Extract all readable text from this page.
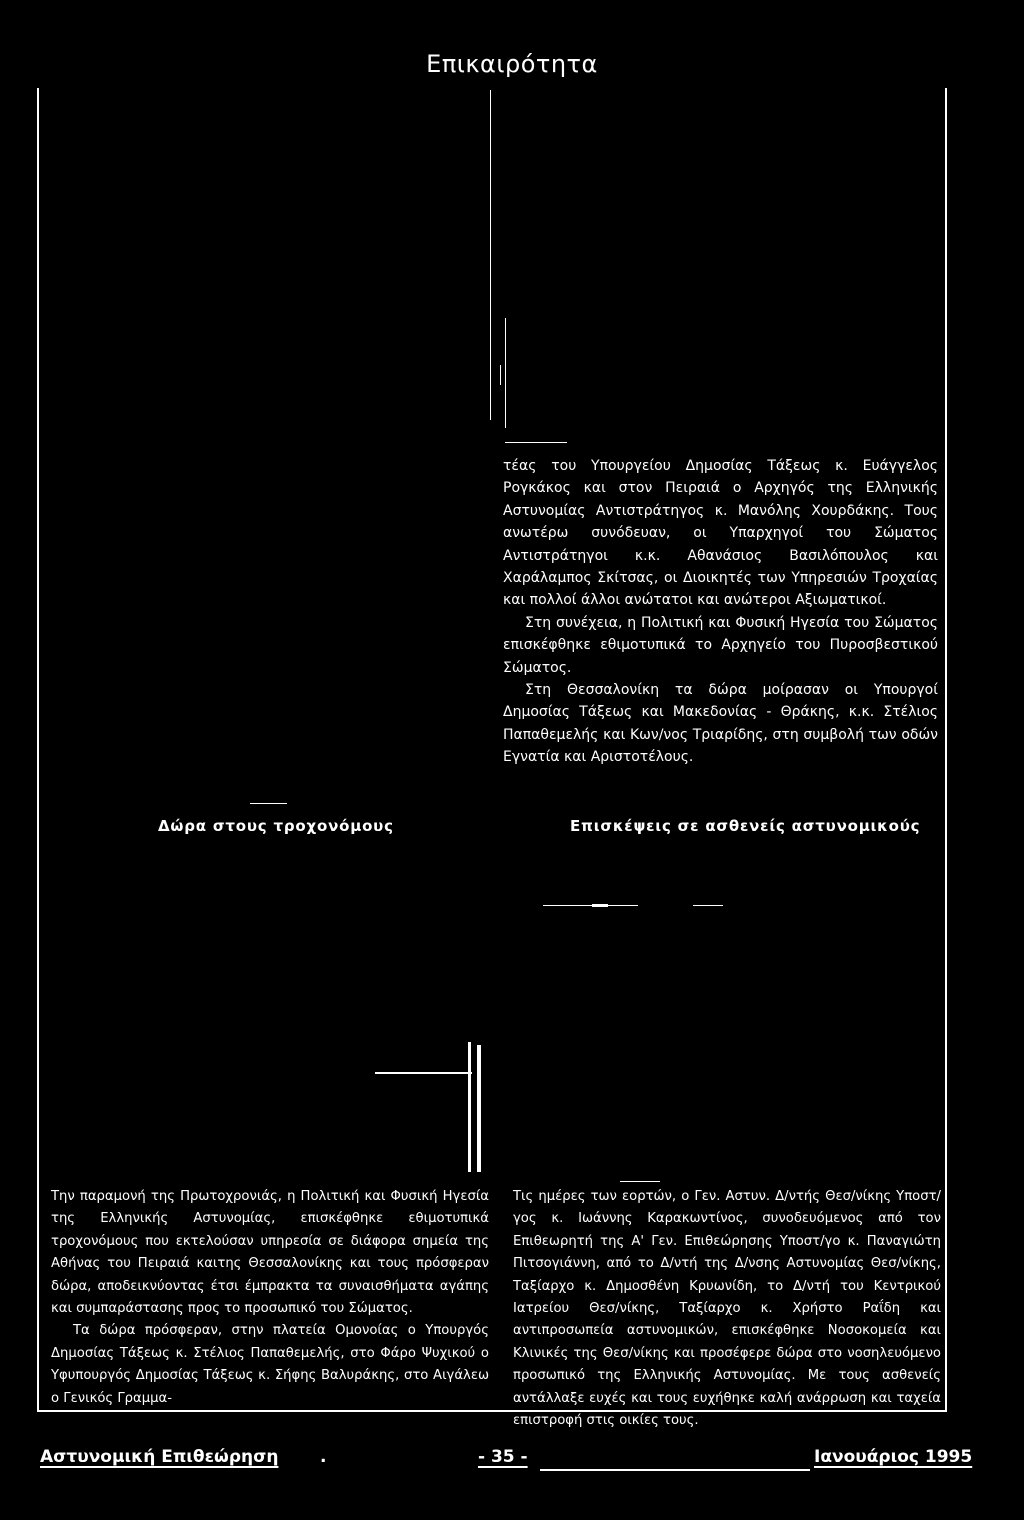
Επικαιρότητα

τέας του Υπουργείου Δημοσίας Τάξεως κ. Ευάγγελος Ρογκάκος και στον Πειραιά ο Αρχηγός της Ελληνικής Αστυνομίας Αντιστράτηγος κ. Μανόλης Χουρδάκης. Τους ανωτέρω συνόδευαν, οι Υπαρχηγοί του Σώματος Αντιστράτηγοι κ.κ. Αθανάσιος Βασιλόπουλος και Χαράλαμπος Σκίτσας, οι Διοικητές των Υπηρεσιών Τροχαίας και πολλοί άλλοι ανώτατοι και ανώτεροι Αξιωματικοί.

Στη συνέχεια, η Πολιτική και Φυσική Ηγεσία του Σώματος επισκέφθηκε εθιμοτυπικά το Αρχηγείο του Πυροσβεστικού Σώματος.

Στη Θεσσαλονίκη τα δώρα μοίρασαν οι Υπουργοί Δημοσίας Τάξεως και Μακεδονίας - Θράκης, κ.κ. Στέλιος Παπαθεμελής και Κων/νος Τριαρίδης, στη συμβολή των οδών Εγνατία και Αριστοτέλους.

Δώρα στους τροχονόμους	Επισκέψεις σε ασθενείς αστυνομικούς

Την παραμονή της Πρωτοχρονιάς, η Πολιτική και Φυσική Ηγεσία της Ελληνικής Αστυνομίας, επισκέφθηκε εθιμοτυπικά τροχονόμους που εκτελούσαν υπηρεσία σε διάφορα σημεία της Αθήνας του Πειραιά καιτης Θεσσαλονίκης και τους πρόσφεραν δώρα, αποδεικνύοντας έτσι έμπρακτα τα συναισθήματα αγάπης και συμπαράστασης προς το προσωπικό του Σώματος.

Τα δώρα πρόσφεραν, στην πλατεία Ομονοίας ο Υπουργός Δημοσίας Τάξεως κ. Στέλιος Παπαθεμελής, στο Φάρο Ψυχικού ο Υφυπουργός Δημοσίας Τάξεως κ. Σήφης Βαλυράκης, στο Αιγάλεω ο Γενικός Γραμμα-

Τις ημέρες των εορτών, ο Γεν. Αστυν. Δ/ντής Θεσ/νίκης Υποστ/γος κ. Ιωάννης Καρακωντίνος, συνοδευόμενος από τον Επιθεωρητή της Α' Γεν. Επιθεώρησης Υποστ/γο κ. Παναγιώτη Πιτσογιάννη, από το Δ/ντή της Δ/νσης Αστυνομίας Θεσ/νίκης, Ταξίαρχο κ. Δημοσθένη Κρυωνίδη, το Δ/ντή του Κεντρικού Ιατρείου Θεσ/νίκης, Ταξίαρχο κ. Χρήστο Ραΐδη και αντιπροσωπεία αστυνομικών, επισκέφθηκε Νοσοκομεία και Κλινικές της Θεσ/νίκης και προσέφερε δώρα στο νοσηλευόμενο προσωπικό της Ελληνικής Αστυνομίας. Με τους ασθενείς αντάλλαξε ευχές και τους ευχήθηκε καλή ανάρρωση και ταχεία επιστροφή στις οικίες τους.

Αστυνομική Επιθεώρηση .	- 35 -	Ιανουάριος 1995
